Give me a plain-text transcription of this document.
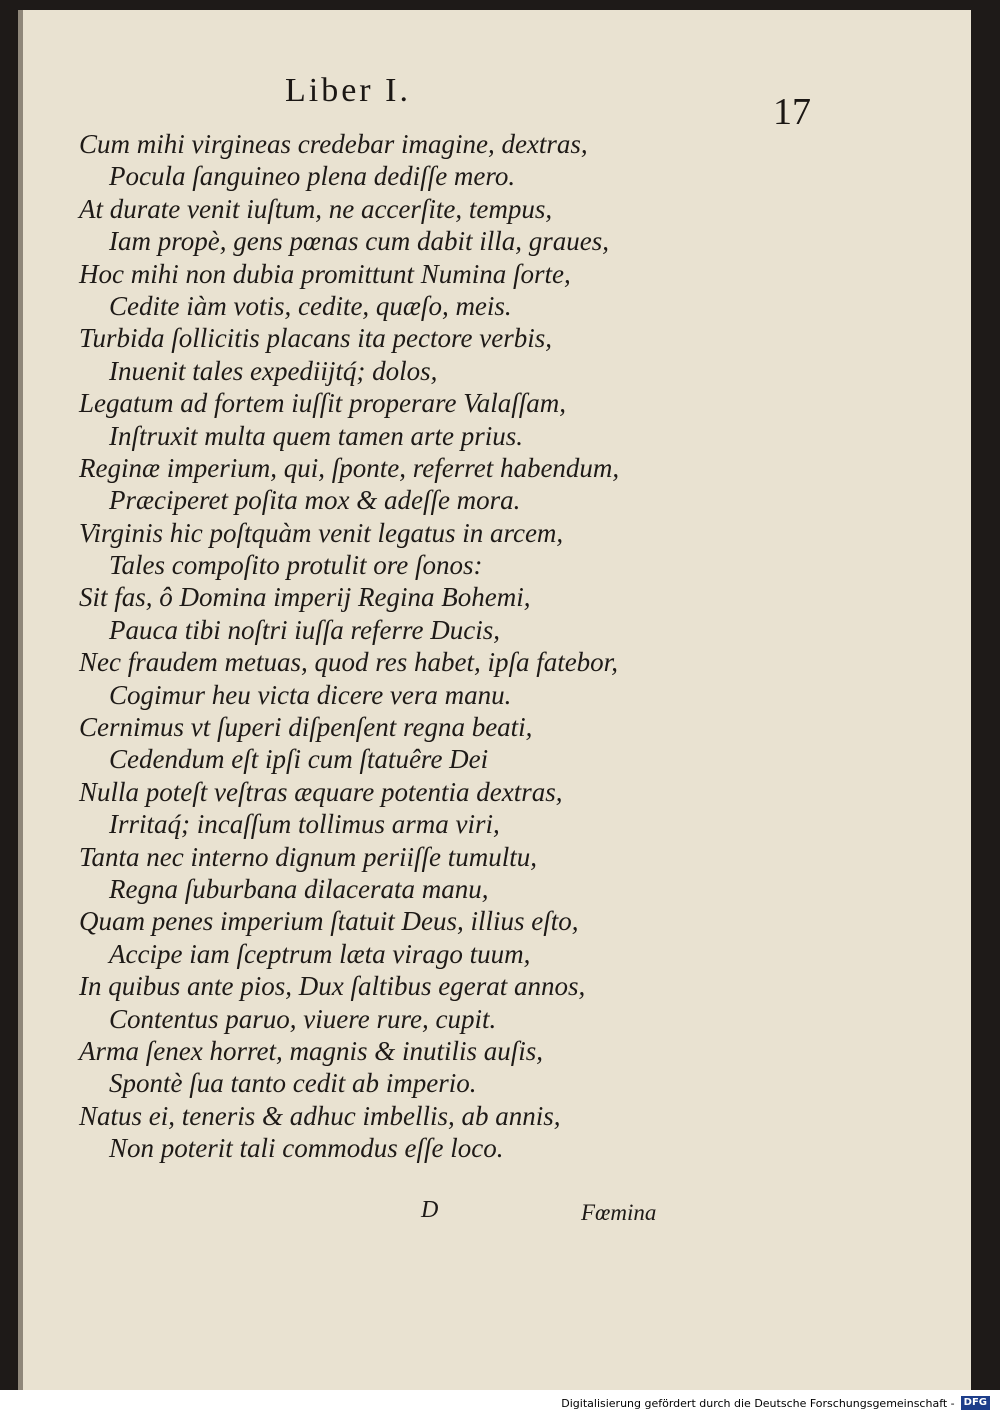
Liber I.
17
Cum mihi virgineas credebar imagine, dextras,
Pocula ſanguineo plena dediſſe mero.
At durate venit iuſtum, ne accerſite, tempus,
Iam propè, gens pœnas cum dabit illa, graues,
Hoc mihi non dubia promittunt Numina ſorte,
Cedite iàm votis, cedite, quæſo, meis.
Turbida ſollicitis placans ita pectore verbis,
Inuenit tales expediijtq́; dolos,
Legatum ad fortem iuſſit properare Valaſſam,
Inſtruxit multa quem tamen arte prius.
Reginæ imperium, qui, ſponte, referret habendum,
Præciperet poſita mox & adeſſe mora.
Virginis hic poſtquàm venit legatus in arcem,
Tales compoſito protulit ore ſonos:
Sit fas, ô Domina imperij Regina Bohemi,
Pauca tibi noſtri iuſſa referre Ducis,
Nec fraudem metuas, quod res habet, ipſa fatebor,
Cogimur heu victa dicere vera manu.
Cernimus vt ſuperi diſpenſent regna beati,
Cedendum eſt ipſi cum ſtatuêre Dei
Nulla poteſt veſtras æquare potentia dextras,
Irritaq́; incaſſum tollimus arma viri,
Tanta nec interno dignum periiſſe tumultu,
Regna ſuburbana dilacerata manu,
Quam penes imperium ſtatuit Deus, illius eſto,
Accipe iam ſceptrum læta virago tuum,
In quibus ante pios, Dux ſaltibus egerat annos,
Contentus paruo, viuere rure, cupit.
Arma ſenex horret, magnis & inutilis auſis,
Spontè ſua tanto cedit ab imperio.
Natus ei, teneris & adhuc imbellis, ab annis,
Non poterit tali commodus eſſe loco.
D	Fœmina
Digitalisierung gefördert durch die Deutsche Forschungsgemeinschaft - DFG
